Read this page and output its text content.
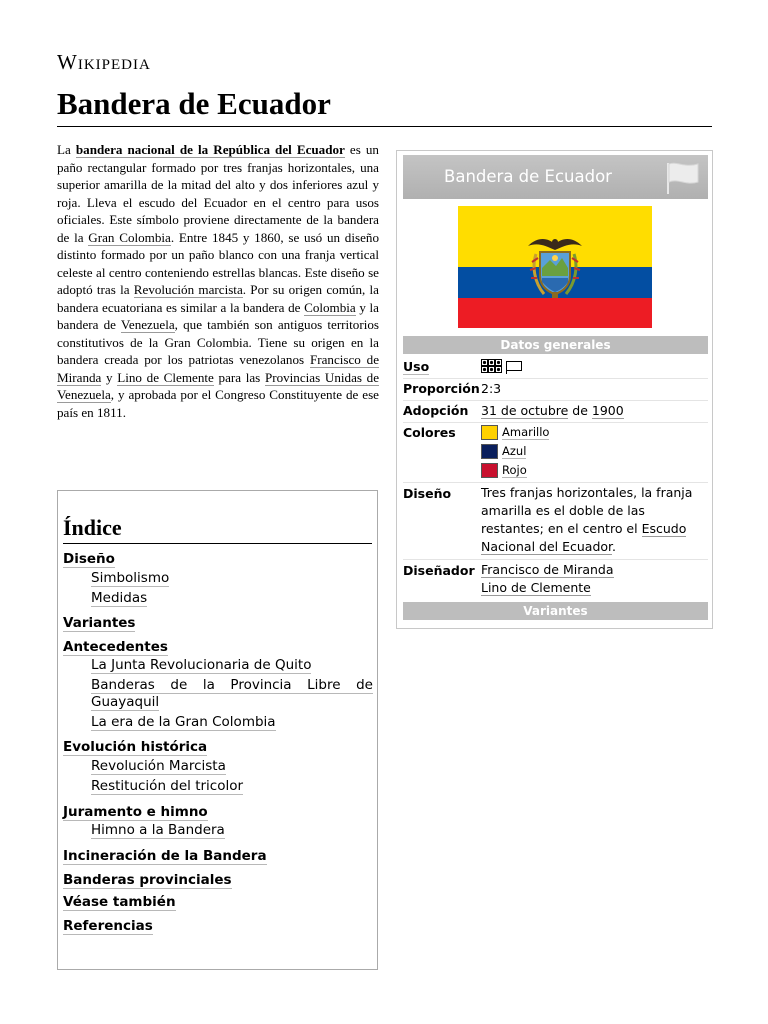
Wikipedia
Bandera de Ecuador

La bandera nacional de la República del Ecuador es un paño rectangular formado por tres franjas horizontales, una superior amarilla de la mitad del alto y dos inferiores azul y roja. Lleva el escudo del Ecuador en el centro para usos oficiales. Este símbolo proviene directamente de la bandera de la Gran Colombia. Entre 1845 y 1860, se usó un diseño distinto formado por un paño blanco con una franja vertical celeste al centro conteniendo estrellas blancas. Este diseño se adoptó tras la Revolución marcista. Por su origen común, la bandera ecuatoriana es similar a la bandera de Colombia y la bandera de Venezuela, que también son antiguos territorios constitutivos de la Gran Colombia. Tiene su origen en la bandera creada por los patriotas venezolanos Francisco de Miranda y Lino de Clemente para las Provincias Unidas de Venezuela, y aprobada por el Congreso Constituyente de ese país en 1811.

Índice
Diseño
Simbolismo
Medidas
Variantes
Antecedentes
La Junta Revolucionaria de Quito
Banderas de la Provincia Libre de Guayaquil
La era de la Gran Colombia
Evolución histórica
Revolución Marcista
Restitución del tricolor
Juramento e himno
Himno a la Bandera
Incineración de la Bandera
Banderas provinciales
Véase también
Referencias
Bandera de Ecuador
Datos generales
Uso
Proporción 2:3
Adopción 31 de octubre de 1900
Colores	Amarillo
Azul
Rojo
Diseño Tres franjas horizontales, la franja amarilla es el doble de las restantes; en el centro el Escudo Nacional del Ecuador.
Diseñador Francisco de Miranda
Lino de Clemente
Variantes
